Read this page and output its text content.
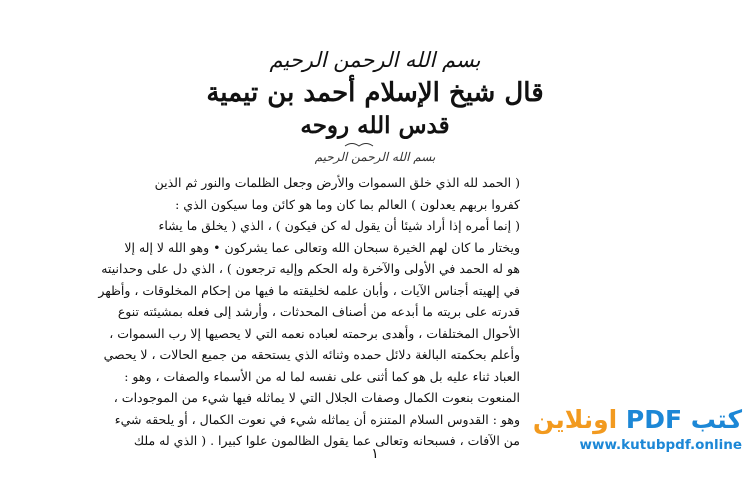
بسم الله الرحمن الرحيم
قال شيخ الإسلام أحمد بن تيمية
قدس الله روحه
بسم الله الرحمن الرحيم
( الحمد لله الذي خلق السموات والأرض وجعل الظلمات والنور ثم الذين
كفروا بربهم يعدلون ) العالم بما كان وما هو كائن وما سيكون الذي :
( إنما أمره إذا أراد شيئا أن يقول له كن فيكون ) ، الذي ( يخلق ما يشاء
ويختار ما كان لهم الخيرة سبحان الله وتعالى عما يشركون • وهو الله لا إله إلا
هو له الحمد في الأولى والآخرة وله الحكم وإليه ترجعون ) ، الذي دل على وحدانيته
في إلهيته أجناس الآيات ، وأبان علمه لخليقته ما فيها من إحكام المخلوقات ، وأظهر
قدرته على بريته ما أبدعه من أصناف المحدثات ، وأرشد إلى فعله بمشيئته تنوع
الأحوال المختلفات ، وأهدى برحمته لعباده نعمه التي لا يحصيها إلا رب السموات ،
وأعلم بحكمته البالغة دلائل حمده وثنائه الذي يستحقه من جميع الحالات ، لا يحصي
العباد ثناء عليه بل هو كما أثنى على نفسه لما له من الأسماء والصفات ، وهو :
المنعوت بنعوت الكمال وصفات الجلال التي لا يماثله فيها شيء من الموجودات ،
وهو : القدوس السلام المتنزه أن يماثله شيء في نعوت الكمال ، أو يلحقه شيء
من الآفات ، فسبحانه وتعالى عما يقول الظالمون علوا كبيرا . ( الذي له ملك
١
كتب PDF اونلاين
www.kutubpdf.online
